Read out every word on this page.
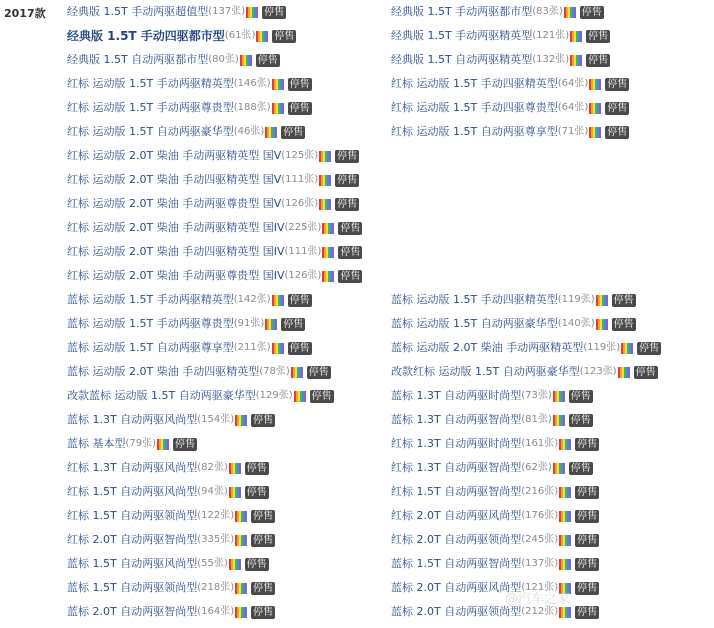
2017款 经典版 1.5T 手动两驱超值型 (137张) 停售	经典版 1.5T 手动两驱都市型 (83张) 停售
经典版 1.5T 手动四驱都市型 (61张) 停售	经典版 1.5T 手动两驱精英型 (121张) 停售
经典版 1.5T 自动两驱都市型 (80张) 停售	经典版 1.5T 自动两驱精英型 (132张) 停售
红标 运动版 1.5T 手动两驱精英型 (146张) 停售	红标 运动版 1.5T 手动四驱精英型 (64张) 停售
红标 运动版 1.5T 手动两驱尊贵型 (188张) 停售	红标 运动版 1.5T 手动四驱尊贵型 (64张) 停售
红标 运动版 1.5T 自动两驱豪华型 (46张) 停售	红标 运动版 1.5T 自动两驱尊享型 (71张) 停售
红标 运动版 2.0T 柴油 手动两驱精英型 国V (125张) 停售
红标 运动版 2.0T 柴油 手动四驱精英型 国V (111张) 停售
红标 运动版 2.0T 柴油 手动两驱尊贵型 国V (126张) 停售
红标 运动版 2.0T 柴油 手动两驱精英型 国IV (225张) 停售
红标 运动版 2.0T 柴油 手动四驱精英型 国IV (111张) 停售
红标 运动版 2.0T 柴油 手动两驱尊贵型 国IV (126张) 停售
蓝标 运动版 1.5T 手动两驱精英型 (142张) 停售	蓝标 运动版 1.5T 手动四驱精英型 (119张) 停售
蓝标 运动版 1.5T 手动两驱尊贵型 (91张) 停售	蓝标 运动版 1.5T 自动两驱豪华型 (140张) 停售
蓝标 运动版 1.5T 自动两驱尊享型 (211张) 停售	蓝标 运动版 2.0T 柴油 手动两驱精英型 (119张) 停售
蓝标 运动版 2.0T 柴油 手动四驱精英型 (78张) 停售	改款红标 运动版 1.5T 自动两驱豪华型 (123张) 停售
改款蓝标 运动版 1.5T 自动两驱豪华型 (129张) 停售	蓝标 1.3T 自动两驱时尚型 (73张) 停售
蓝标 1.3T 自动两驱风尚型 (154张) 停售	蓝标 1.3T 自动两驱智尚型 (81张) 停售
蓝标 基本型 (79张) 停售	红标 1.3T 自动两驱时尚型 (161张) 停售
红标 1.3T 自动两驱风尚型 (82张) 停售	红标 1.3T 自动两驱智尚型 (62张) 停售
红标 1.5T 自动两驱风尚型 (94张) 停售	红标 1.5T 自动两驱智尚型 (216张) 停售
红标 1.5T 自动两驱领尚型 (122张) 停售	红标 2.0T 自动两驱风尚型 (176张) 停售
红标 2.0T 自动两驱智尚型 (335张) 停售	红标 2.0T 自动两驱领尚型 (245张) 停售
蓝标 1.5T 自动两驱风尚型 (55张) 停售	蓝标 1.5T 自动两驱智尚型 (137张) 停售
蓝标 1.5T 自动两驱领尚型 (218张) 停售	蓝标 2.0T 自动两驱风尚型 (121张) 停售
蓝标 2.0T 自动两驱智尚型 (164张) 停售	蓝标 2.0T 自动两驱领尚型 (212张) 停售
@汽车之家
